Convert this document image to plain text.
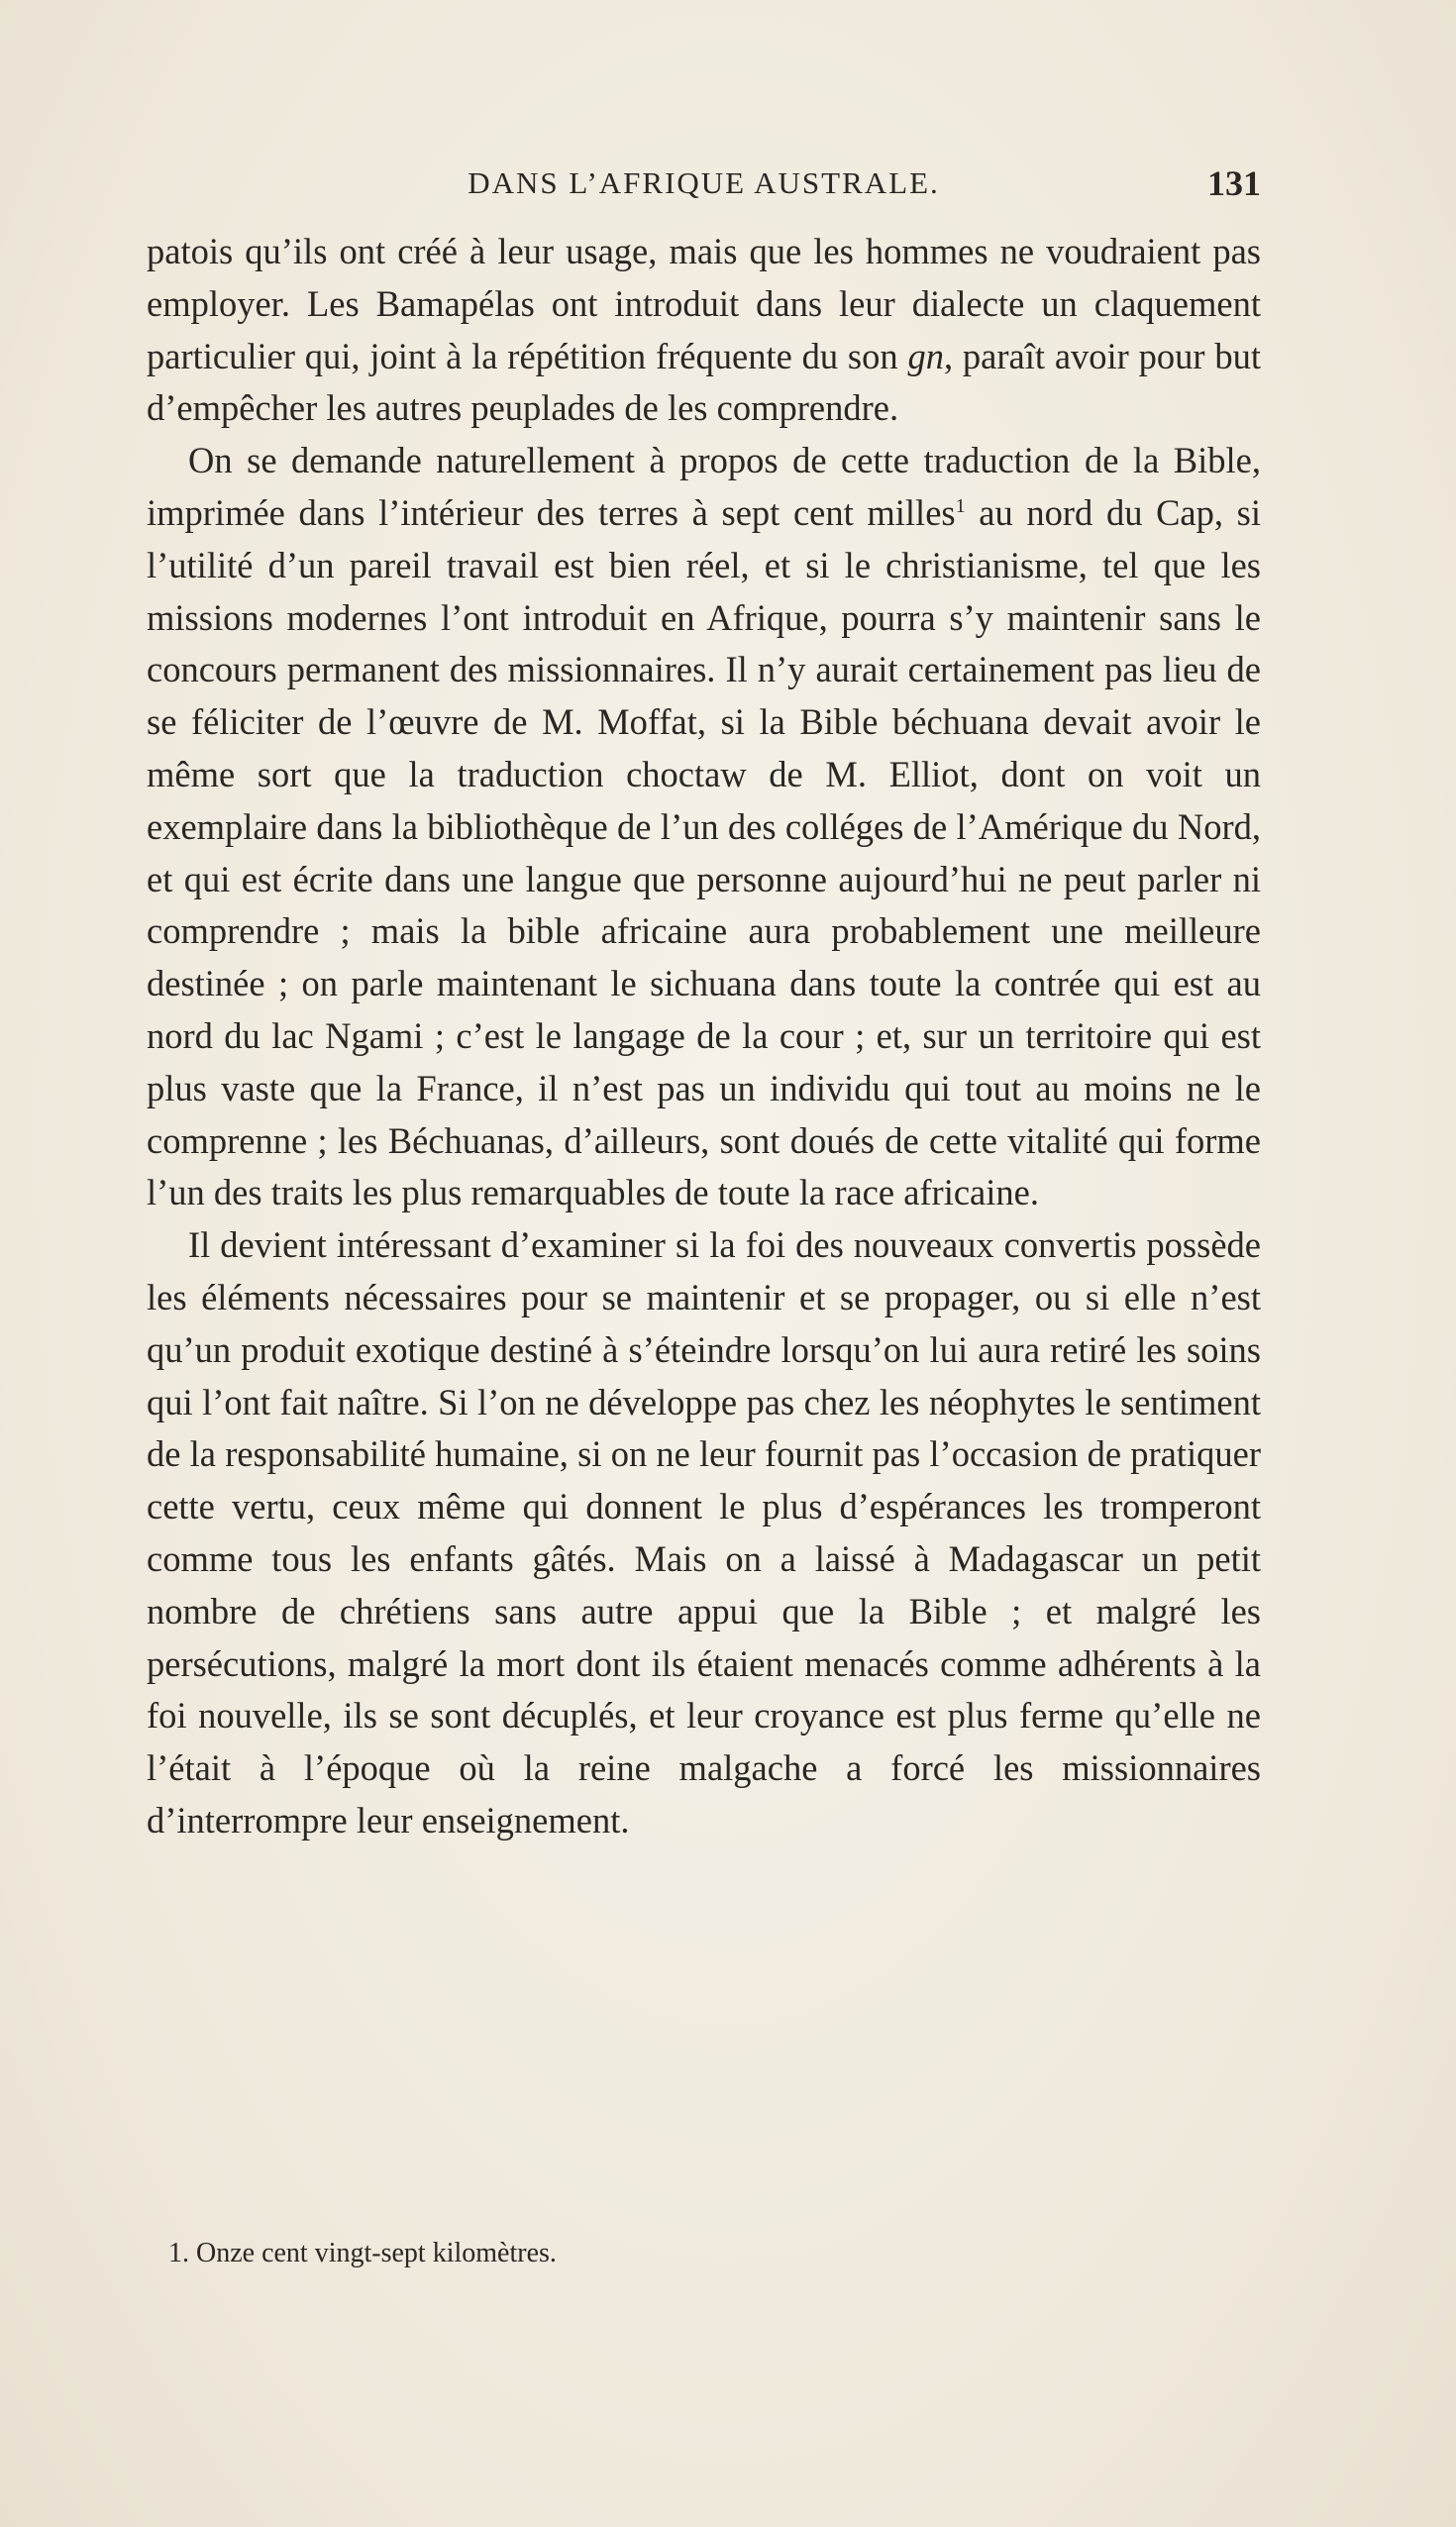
DANS L’AFRIQUE AUSTRALE.	131

patois qu’ils ont créé à leur usage, mais que les hommes ne voudraient pas employer. Les Bamapélas ont introduit dans leur dialecte un claquement particulier qui, joint à la répétition fréquente du son gn, paraît avoir pour but d’empêcher les autres peuplades de les comprendre.

On se demande naturellement à propos de cette traduction de la Bible, imprimée dans l’intérieur des terres à sept cent milles$^1$ au nord du Cap, si l’utilité d’un pareil travail est bien réel, et si le christianisme, tel que les missions modernes l’ont introduit en Afrique, pourra s’y maintenir sans le concours permanent des missionnaires. Il n’y aurait certainement pas lieu de se féliciter de l’œuvre de M. Moffat, si la Bible béchuana devait avoir le même sort que la traduction choctaw de M. Elliot, dont on voit un exemplaire dans la bibliothèque de l’un des colléges de l’Amérique du Nord, et qui est écrite dans une langue que personne aujourd’hui ne peut parler ni comprendre ; mais la bible africaine aura probablement une meilleure destinée ; on parle maintenant le sichuana dans toute la contrée qui est au nord du lac Ngami ; c’est le langage de la cour ; et, sur un territoire qui est plus vaste que la France, il n’est pas un individu qui tout au moins ne le comprenne ; les Béchuanas, d’ailleurs, sont doués de cette vitalité qui forme l’un des traits les plus remarquables de toute la race africaine.

Il devient intéressant d’examiner si la foi des nouveaux convertis possède les éléments nécessaires pour se maintenir et se propager, ou si elle n’est qu’un produit exotique destiné à s’éteindre lorsqu’on lui aura retiré les soins qui l’ont fait naître. Si l’on ne développe pas chez les néophytes le sentiment de la responsabilité humaine, si on ne leur fournit pas l’occasion de pratiquer cette vertu, ceux même qui donnent le plus d’espérances les tromperont comme tous les enfants gâtés. Mais on a laissé à Madagascar un petit nombre de chrétiens sans autre appui que la Bible ; et malgré les persécutions, malgré la mort dont ils étaient menacés comme adhérents à la foi nouvelle, ils se sont décuplés, et leur croyance est plus ferme qu’elle ne l’était à l’époque où la reine malgache a forcé les missionnaires d’interrompre leur enseignement.

1. Onze cent vingt-sept kilomètres.
